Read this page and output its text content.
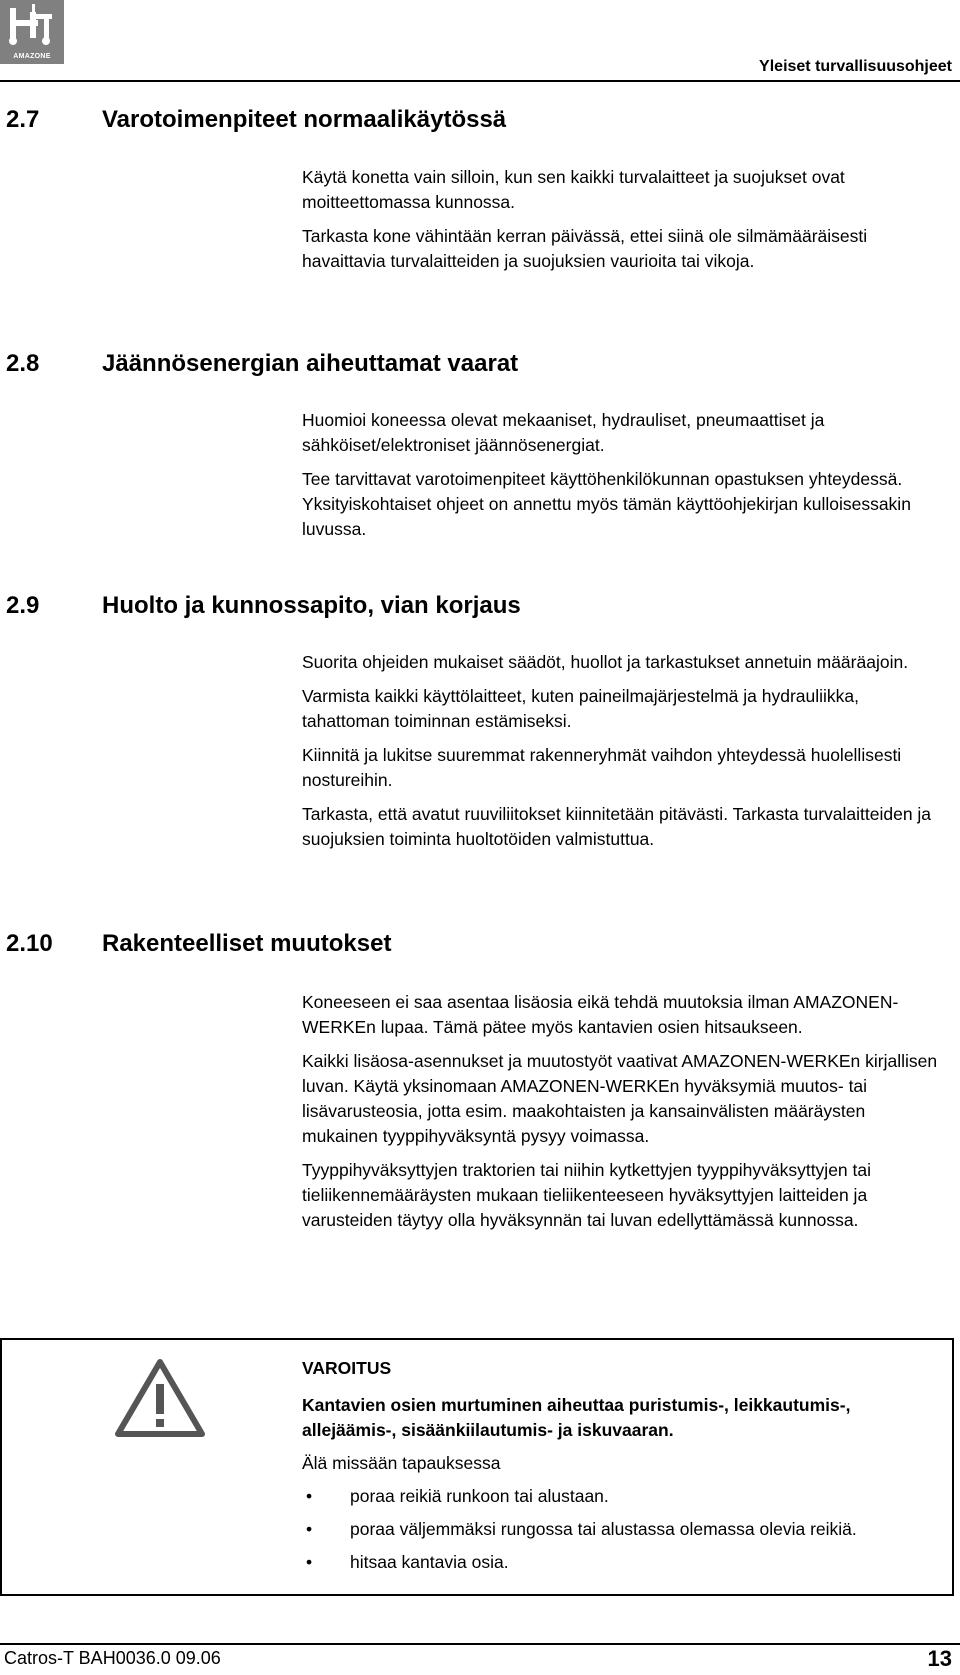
AMAZONE
Yleiset turvallisuusohjeet
2.7	Varotoimenpiteet normaalikäytössä

Käytä konetta vain silloin, kun sen kaikki turvalaitteet ja suojukset ovat moitteettomassa kunnossa.

Tarkasta kone vähintään kerran päivässä, ettei siinä ole silmämääräisesti havaittavia turvalaitteiden ja suojuksien vaurioita tai vikoja.

2.8	Jäännösenergian aiheuttamat vaarat

Huomioi koneessa olevat mekaaniset, hydrauliset, pneumaattiset ja sähköiset/elektroniset jäännösenergiat.

Tee tarvittavat varotoimenpiteet käyttöhenkilökunnan opastuksen yhteydessä. Yksityiskohtaiset ohjeet on annettu myös tämän käyttöohjekirjan kulloisessakin luvussa.

2.9	Huolto ja kunnossapito, vian korjaus

Suorita ohjeiden mukaiset säädöt, huollot ja tarkastukset annetuin määräajoin.

Varmista kaikki käyttölaitteet, kuten paineilmajärjestelmä ja hydrauliikka, tahattoman toiminnan estämiseksi.

Kiinnitä ja lukitse suuremmat rakenneryhmät vaihdon yhteydessä huolellisesti nostureihin.

Tarkasta, että avatut ruuviliitokset kiinnitetään pitävästi. Tarkasta turvalaitteiden ja suojuksien toiminta huoltotöiden valmistuttua.

2.10 Rakenteelliset muutokset

Koneeseen ei saa asentaa lisäosia eikä tehdä muutoksia ilman AMAZONEN-WERKEn lupaa. Tämä pätee myös kantavien osien hitsaukseen.

Kaikki lisäosa-asennukset ja muutostyöt vaativat AMAZONEN-WERKEn kirjallisen luvan. Käytä yksinomaan AMAZONEN-WERKEn hyväksymiä muutos- tai lisävarusteosia, jotta esim. maakohtaisten ja kansainvälisten määräysten mukainen tyyppihyväksyntä pysyy voimassa.

Tyyppihyväksyttyjen traktorien tai niihin kytkettyjen tyyppihyväksyttyjen tai tieliikennemääräysten mukaan tieliikenteeseen hyväksyttyjen laitteiden ja varusteiden täytyy olla hyväksynnän tai luvan edellyttämässä kunnossa.

VAROITUS
Kantavien osien murtuminen aiheuttaa puristumis-, leikkautumis-, allejäämis-, sisäänkiilautumis- ja iskuvaaran.
Älä missään tapauksessa
• poraa reikiä runkoon tai alustaan.
• poraa väljemmäksi rungossa tai alustassa olemassa olevia reikiä.
• hitsaa kantavia osia.
Catros-T BAH0036.0 09.06	13
